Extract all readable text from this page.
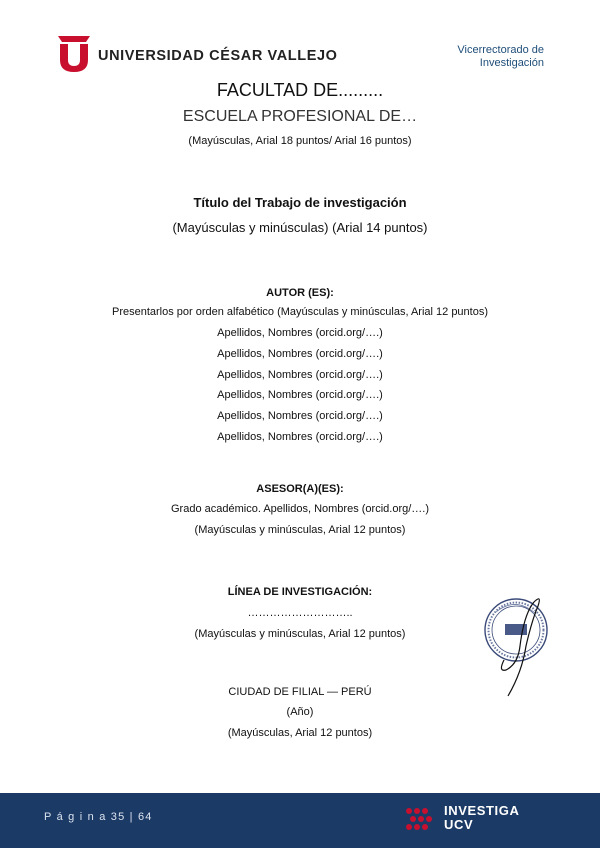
UNIVERSIDAD CÉSAR VALLEJO	Vicerrectorado de
Investigación
FACULTAD DE.........
ESCUELA PROFESIONAL DE…
(Mayúsculas, Arial 18 puntos/ Arial 16 puntos)
Título del Trabajo de investigación
(Mayúsculas y minúsculas) (Arial 14 puntos)
AUTOR (ES):
Presentarlos por orden alfabético (Mayúsculas y minúsculas, Arial 12 puntos)
Apellidos, Nombres (orcid.org/….)
Apellidos, Nombres (orcid.org/….)
Apellidos, Nombres (orcid.org/….)
Apellidos, Nombres (orcid.org/….)
Apellidos, Nombres (orcid.org/….)
Apellidos, Nombres (orcid.org/….)
ASESOR(A)(ES):
Grado académico. Apellidos, Nombres (orcid.org/….)
(Mayúsculas y minúsculas, Arial 12 puntos)
LÍNEA DE INVESTIGACIÓN:
………………………..
(Mayúsculas y minúsculas, Arial 12 puntos)
CIUDAD DE FILIAL — PERÚ
(Año)
(Mayúsculas, Arial 12 puntos)
P á g i n a 35 | 64	INVESTIGA
UCV
